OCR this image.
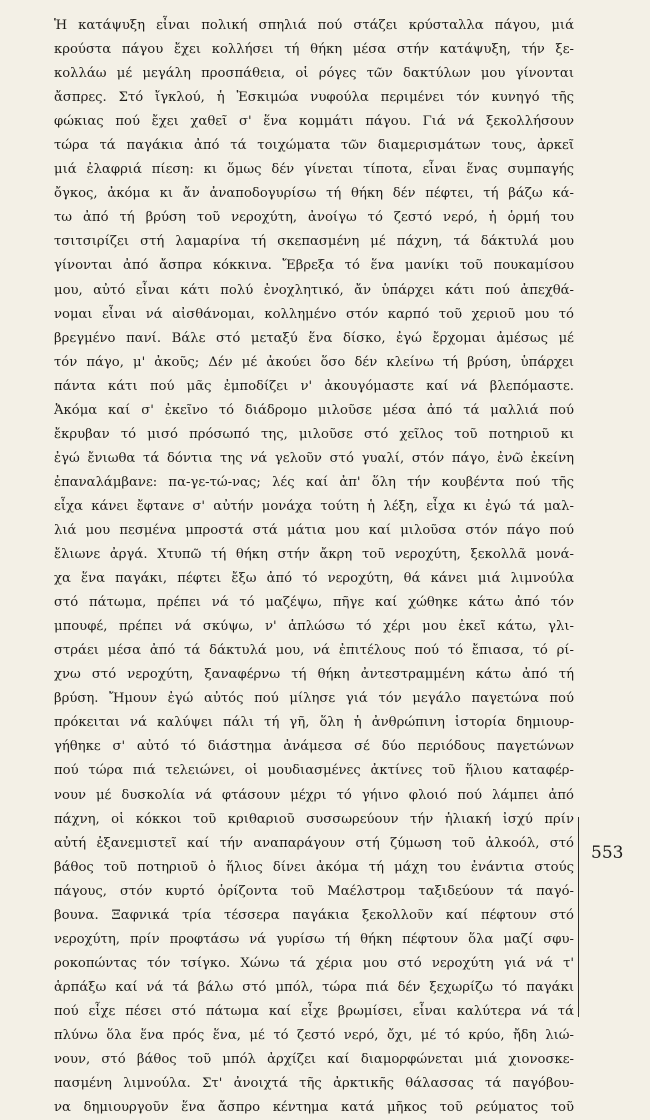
Ἡ κατάψυξη εἶναι πολική σπηλιά πού στάζει κρύσταλλα πάγου, μιά
κρούστα πάγου ἔχει κολλήσει τή θήκη μέσα στήν κατάψυξη, τήν ξε-
κολλάω μέ μεγάλη προσπάθεια, οἱ ρόγες τῶν δακτύλων μου γίνονται
ἄσπρες. Στό ἴγκλού, ἡ Ἐσκιμώα νυφούλα περιμένει τόν κυνηγό τῆς
φώκιας πού ἔχει χαθεῖ σ' ἕνα κομμάτι πάγου. Γιά νά ξεκολλήσουν
τώρα τά παγάκια ἀπό τά τοιχώματα τῶν διαμερισμάτων τους, ἀρκεῖ
μιά ἐλαφριά πίεση: κι ὅμως δέν γίνεται τίποτα, εἶναι ἕνας συμπαγής
ὄγκος, ἀκόμα κι ἄν ἀναποδογυρίσω τή θήκη δέν πέφτει, τή βάζω κά-
τω ἀπό τή βρύση τοῦ νεροχύτη, ἀνοίγω τό ζεστό νερό, ἡ ὁρμή του
τσιτσιρίζει στή λαμαρίνα τή σκεπασμένη μέ πάχνη, τά δάκτυλά μου
γίνονται ἀπό ἄσπρα κόκκινα. Ἔβρεξα τό ἕνα μανίκι τοῦ πουκαμίσου
μου, αὐτό εἶναι κάτι πολύ ἐνοχλητικό, ἄν ὑπάρχει κάτι πού ἀπεχθά-
νομαι εἶναι νά αἰσθάνομαι, κολλημένο στόν καρπό τοῦ χεριοῦ μου τό
βρεγμένο πανί. Βάλε στό μεταξύ ἕνα δίσκο, ἐγώ ἔρχομαι ἀμέσως μέ
τόν πάγο, μ' ἀκοῦς; Δέν μέ ἀκούει ὅσο δέν κλείνω τή βρύση, ὑπάρχει
πάντα κάτι πού μᾶς ἐμποδίζει ν' ἀκουγόμαστε καί νά βλεπόμαστε.
Ἀκόμα καί σ' ἐκεῖνο τό διάδρομο μιλοῦσε μέσα ἀπό τά μαλλιά πού
ἔκρυβαν τό μισό πρόσωπό της, μιλοῦσε στό χεῖλος τοῦ ποτηριοῦ κι
ἐγώ ἔνιωθα τά δόντια της νά γελοῦν στό γυαλί, στόν πάγο, ἐνῶ ἐκείνη
ἐπαναλάμβανε: πα-γε-τώ-νας; λές καί ἀπ' ὅλη τήν κουβέντα πού τῆς
εἶχα κάνει ἔφτανε σ' αὐτήν μονάχα τούτη ἡ λέξη, εἶχα κι ἐγώ τά μαλ-
λιά μου πεσμένα μπροστά στά μάτια μου καί μιλοῦσα στόν πάγο πού
ἔλιωνε ἀργά. Χτυπῶ τή θήκη στήν ἄκρη τοῦ νεροχύτη, ξεκολλᾶ μονά-
χα ἕνα παγάκι, πέφτει ἔξω ἀπό τό νεροχύτη, θά κάνει μιά λιμνούλα
στό πάτωμα, πρέπει νά τό μαζέψω, πῆγε καί χώθηκε κάτω ἀπό τόν
μπουφέ, πρέπει νά σκύψω, ν' ἁπλώσω τό χέρι μου ἐκεῖ κάτω, γλι-
στράει μέσα ἀπό τά δάκτυλά μου, νά ἐπιτέλους πού τό ἔπιασα, τό ρί-
χνω στό νεροχύτη, ξαναφέρνω τή θήκη ἀντεστραμμένη κάτω ἀπό τή
βρύση. Ἤμουν ἐγώ αὐτός πού μίλησε γιά τόν μεγάλο παγετώνα πού
πρόκειται νά καλύψει πάλι τή γῆ, ὅλη ἡ ἀνθρώπινη ἱστορία δημιουρ-
γήθηκε σ' αὐτό τό διάστημα ἀνάμεσα σέ δύο περιόδους παγετώνων
πού τώρα πιά τελειώνει, οἱ μουδιασμένες ἀκτίνες τοῦ ἥλιου καταφέρ-
νουν μέ δυσκολία νά φτάσουν μέχρι τό γήινο φλοιό πού λάμπει ἀπό
πάχνη, οἱ κόκκοι τοῦ κριθαριοῦ συσσωρεύουν τήν ἡλιακή ἰσχύ πρίν
αὐτή ἐξανεμιστεῖ καί τήν αναπαράγουν στή ζύμωση τοῦ ἀλκοόλ, στό
βάθος τοῦ ποτηριοῦ ὁ ἥλιος δίνει ἀκόμα τή μάχη του ἐνάντια στούς
πάγους, στόν κυρτό ὁρίζοντα τοῦ Μαέλστρομ ταξιδεύουν τά παγό-
βουνα. Ξαφνικά τρία τέσσερα παγάκια ξεκολλοῦν καί πέφτουν στό
νεροχύτη, πρίν προφτάσω νά γυρίσω τή θήκη πέφτουν ὅλα μαζί σφυ-
ροκοπώντας τόν τσίγκο. Χώνω τά χέρια μου στό νεροχύτη γιά νά τ'
ἁρπάξω καί νά τά βάλω στό μπόλ, τώρα πιά δέν ξεχωρίζω τό παγάκι
πού εἶχε πέσει στό πάτωμα καί εἶχε βρωμίσει, εἶναι καλύτερα νά τά
πλύνω ὅλα ἕνα πρός ἕνα, μέ τό ζεστό νερό, ὄχι, μέ τό κρύο, ἤδη λιώ-
νουν, στό βάθος τοῦ μπόλ ἀρχίζει καί διαμορφώνεται μιά χιονοσκε-
πασμένη λιμνούλα. Στ' ἀνοιχτά τῆς ἀρκτικῆς θάλασσας τά παγόβου-
να δημιουργοῦν ἕνα ἄσπρο κέντημα κατά μῆκος τοῦ ρεύματος τοῦ
553
